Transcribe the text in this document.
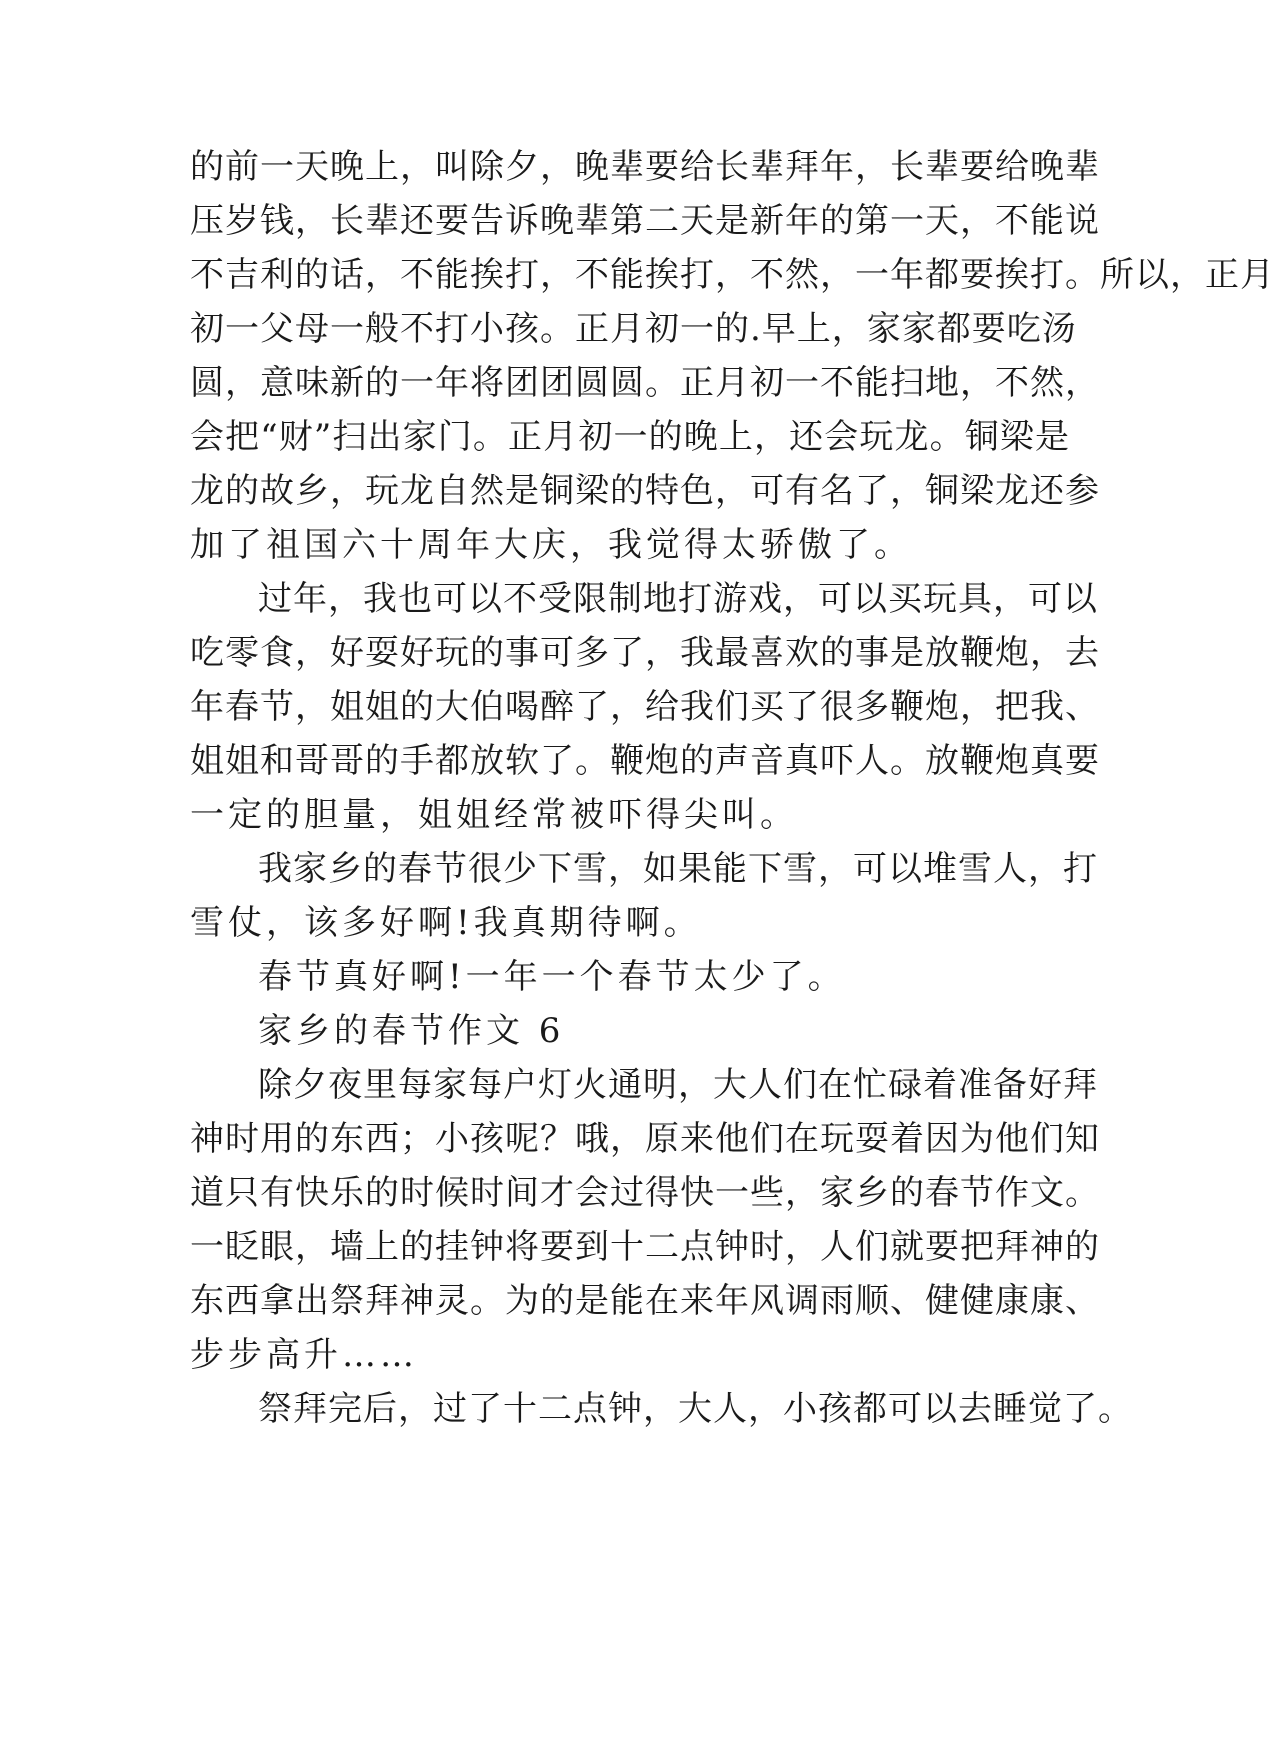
的前一天晚上，叫除夕，晚辈要给长辈拜年，长辈要给晚辈
压岁钱，长辈还要告诉晚辈第二天是新年的第一天，不能说
不吉利的话，不能挨打，不能挨打，不然，一年都要挨打。所以，正月
初一父母一般不打小孩。正月初一的.早上，家家都要吃汤
圆，意味新的一年将团团圆圆。正月初一不能扫地，不然，
会把“财”扫出家门。正月初一的晚上，还会玩龙。铜梁是
龙的故乡，玩龙自然是铜梁的特色，可有名了，铜梁龙还参
加了祖国六十周年大庆，我觉得太骄傲了。
过年，我也可以不受限制地打游戏，可以买玩具，可以
吃零食，好耍好玩的事可多了，我最喜欢的事是放鞭炮，去
年春节，姐姐的大伯喝醉了，给我们买了很多鞭炮，把我、
姐姐和哥哥的手都放软了。鞭炮的声音真吓人。放鞭炮真要
一定的胆量，姐姐经常被吓得尖叫。
我家乡的春节很少下雪，如果能下雪，可以堆雪人，打
雪仗，该多好啊!我真期待啊。
春节真好啊!一年一个春节太少了。
家乡的春节作文 6
除夕夜里每家每户灯火通明，大人们在忙碌着准备好拜
神时用的东西；小孩呢？哦，原来他们在玩耍着因为他们知
道只有快乐的时候时间才会过得快一些，家乡的春节作文。
一眨眼，墙上的挂钟将要到十二点钟时，人们就要把拜神的
东西拿出祭拜神灵。为的是能在来年风调雨顺、健健康康、
步步高升……
祭拜完后，过了十二点钟，大人，小孩都可以去睡觉了。
